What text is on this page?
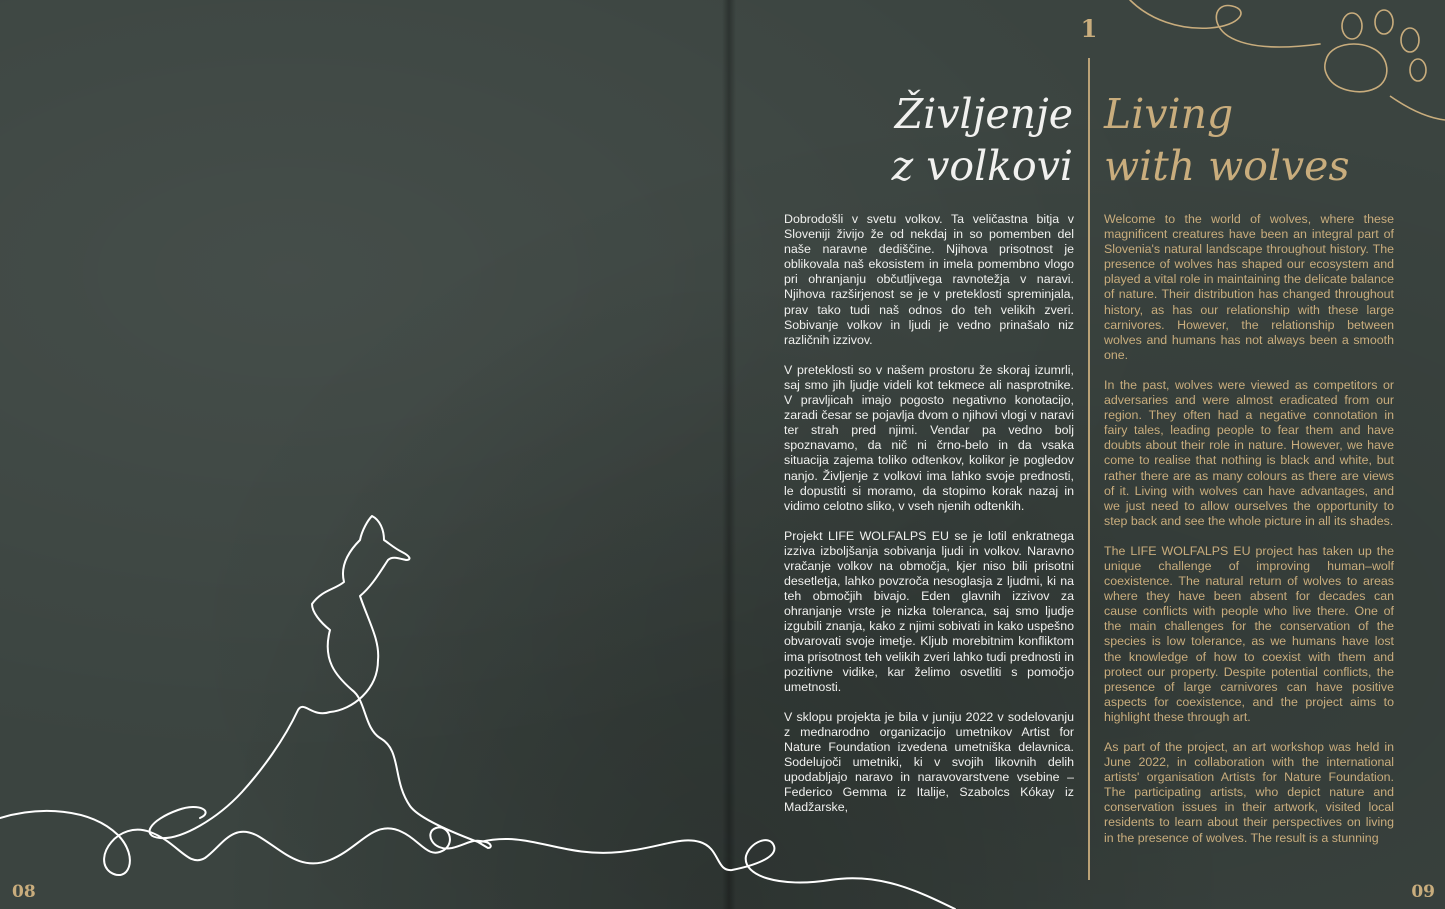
1
Življenje
z volkovi
Living
with wolves

Dobrodošli v svetu volkov. Ta veličastna bitja v Sloveniji živijo že od nekdaj in so pomemben del naše naravne dediščine. Njihova prisotnost je oblikovala naš ekosistem in imela pomembno vlogo pri ohranjanju občutljivega ravnotežja v naravi. Njihova razširjenost se je v preteklosti spreminjala, prav tako tudi naš odnos do teh velikih zveri. Sobivanje volkov in ljudi je vedno prinašalo niz različnih izzivov.

V preteklosti so v našem prostoru že skoraj izumrli, saj smo jih ljudje videli kot tekmece ali nasprotnike. V pravljicah imajo pogosto negativno konotacijo, zaradi česar se pojavlja dvom o njihovi vlogi v naravi ter strah pred njimi. Vendar pa vedno bolj spoznavamo, da nič ni črno-belo in da vsaka situacija zajema toliko odtenkov, kolikor je pogledov nanjo. Življenje z volkovi ima lahko svoje prednosti, le dopustiti si moramo, da stopimo korak nazaj in vidimo celotno sliko, v vseh njenih odtenkih.

Projekt LIFE WOLFALPS EU se je lotil enkratnega izziva izboljšanja sobivanja ljudi in volkov. Naravno vračanje volkov na območja, kjer niso bili prisotni desetletja, lahko povzroča nesoglasja z ljudmi, ki na teh območjih bivajo. Eden glavnih izzivov za ohranjanje vrste je nizka toleranca, saj smo ljudje izgubili znanja, kako z njimi sobivati in kako uspešno obvarovati svoje imetje. Kljub morebitnim konfliktom ima prisotnost teh velikih zveri lahko tudi prednosti in pozitivne vidike, kar želimo osvetliti s pomočjo umetnosti.

V sklopu projekta je bila v juniju 2022 v sodelovanju z mednarodno organizacijo umetnikov Artist for Nature Foundation izvedena umetniška delavnica. Sodelujoči umetniki, ki v svojih likovnih delih upodabljajo naravo in naravovarstvene vsebine – Federico Gemma iz Italije, Szabolcs Kókay iz Madžarske,

Welcome to the world of wolves, where these magnificent creatures have been an integral part of Slovenia's natural landscape throughout history. The presence of wolves has shaped our ecosystem and played a vital role in maintaining the delicate balance of nature. Their distribution has changed throughout history, as has our relationship with these large carnivores. However, the relationship between wolves and humans has not always been a smooth one.

In the past, wolves were viewed as competitors or adversaries and were almost eradicated from our region. They often had a negative connotation in fairy tales, leading people to fear them and have doubts about their role in nature. However, we have come to realise that nothing is black and white, but rather there are as many colours as there are views of it. Living with wolves can have advantages, and we just need to allow ourselves the opportunity to step back and see the whole picture in all its shades.

The LIFE WOLFALPS EU project has taken up the unique challenge of improving human–wolf coexistence. The natural return of wolves to areas where they have been absent for decades can cause conflicts with people who live there. One of the main challenges for the conservation of the species is low tolerance, as we humans have lost the knowledge of how to coexist with them and protect our property. Despite potential conflicts, the presence of large carnivores can have positive aspects for coexistence, and the project aims to highlight these through art.

As part of the project, an art workshop was held in June 2022, in collaboration with the international artists' organisation Artists for Nature Foundation. The participating artists, who depict nature and conservation issues in their artwork, visited local residents to learn about their perspectives on living in the presence of wolves. The result is a stunning

08	09
